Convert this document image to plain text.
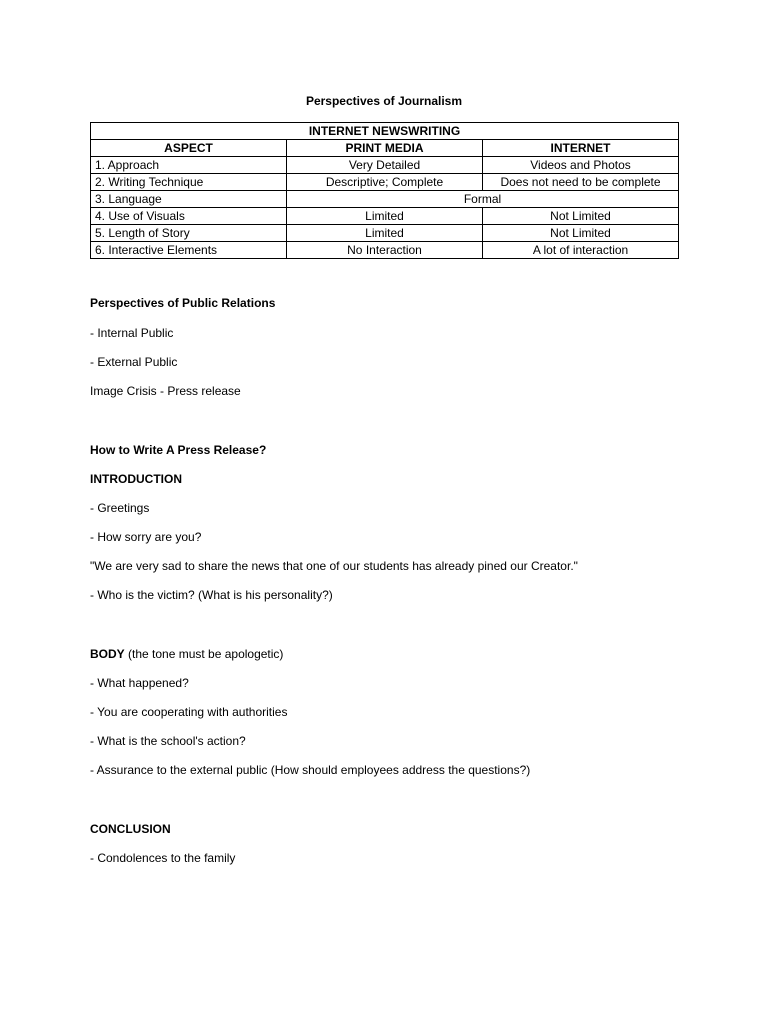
Perspectives of Journalism
INTERNET NEWSWRITING		
ASPECT	PRINT MEDIA	INTERNET
1. Approach	Very Detailed	Videos and Photos
2. Writing Technique	Descriptive; Complete	Does not need to be complete
3. Language	Formal	
4. Use of Visuals	Limited	Not Limited
5. Length of Story	Limited	Not Limited
6. Interactive Elements	No Interaction	A lot of interaction
Perspectives of Public Relations
- Internal Public
- External Public
Image Crisis - Press release
How to Write A Press Release?
INTRODUCTION
- Greetings
- How sorry are you?
"We are very sad to share the news that one of our students has already pined our Creator."
- Who is the victim? (What is his personality?)
BODY (the tone must be apologetic)
- What happened?
- You are cooperating with authorities
- What is the school's action?
- Assurance to the external public (How should employees address the questions?)
CONCLUSION
- Condolences to the family
